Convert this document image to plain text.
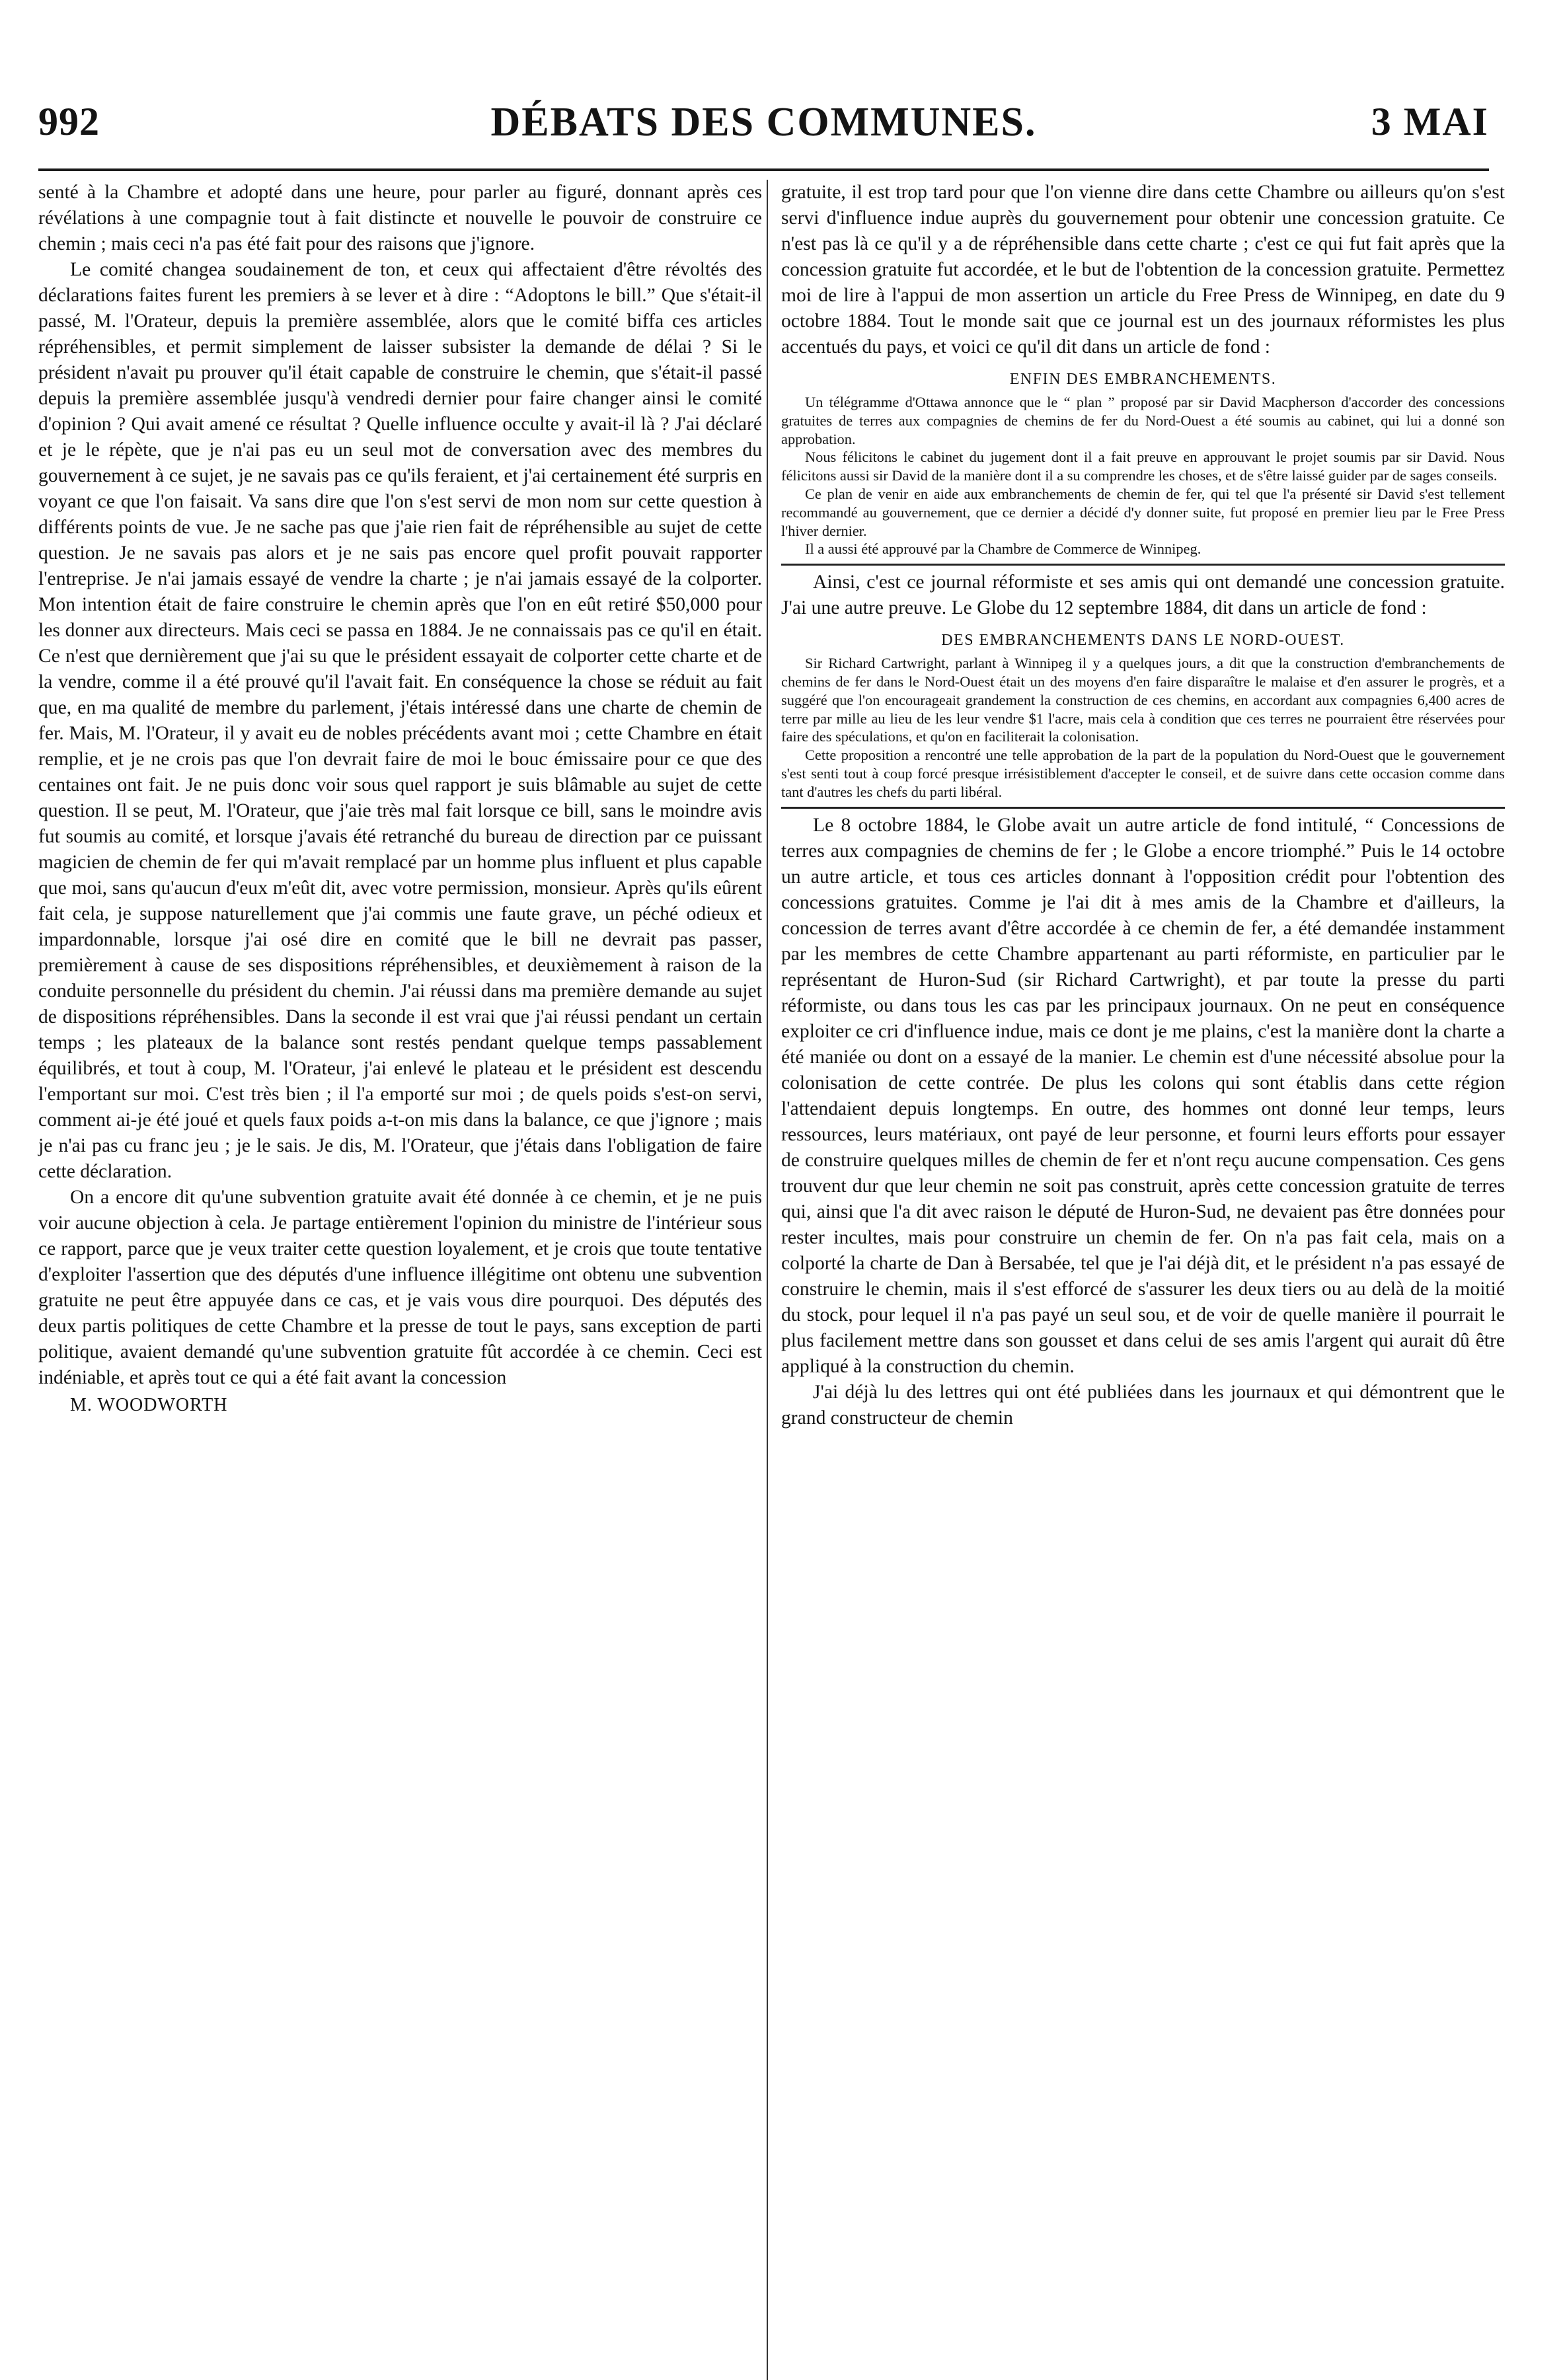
DÉBATS DES COMMUNES.
992	3 MAI

senté à la Chambre et adopté dans une heure, pour parler au figuré, donnant après ces révélations à une compagnie tout à fait distincte et nouvelle le pouvoir de construire ce chemin ; mais ceci n'a pas été fait pour des raisons que j'ignore.

Le comité changea soudainement de ton, et ceux qui affectaient d'être révoltés des déclarations faites furent les premiers à se lever et à dire : “Adoptons le bill.” Que s'était-il passé, M. l'Orateur, depuis la première assemblée, alors que le comité biffa ces articles répréhensibles, et permit simplement de laisser subsister la demande de délai ? Si le président n'avait pu prouver qu'il était capable de construire le chemin, que s'était-il passé depuis la première assemblée jusqu'à vendredi dernier pour faire changer ainsi le comité d'opinion ? Qui avait amené ce résultat ? Quelle influence occulte y avait-il là ? J'ai déclaré et je le répète, que je n'ai pas eu un seul mot de conversation avec des membres du gouvernement à ce sujet, je ne savais pas ce qu'ils feraient, et j'ai certainement été surpris en voyant ce que l'on faisait. Va sans dire que l'on s'est servi de mon nom sur cette question à différents points de vue. Je ne sache pas que j'aie rien fait de répréhensible au sujet de cette question. Je ne savais pas alors et je ne sais pas encore quel profit pouvait rapporter l'entreprise. Je n'ai jamais essayé de vendre la charte ; je n'ai jamais essayé de la colporter. Mon intention était de faire construire le chemin après que l'on en eût retiré $50,000 pour les donner aux directeurs. Mais ceci se passa en 1884. Je ne connaissais pas ce qu'il en était. Ce n'est que dernièrement que j'ai su que le président essayait de colporter cette charte et de la vendre, comme il a été prouvé qu'il l'avait fait. En conséquence la chose se réduit au fait que, en ma qualité de membre du parlement, j'étais intéressé dans une charte de chemin de fer. Mais, M. l'Orateur, il y avait eu de nobles précédents avant moi ; cette Chambre en était remplie, et je ne crois pas que l'on devrait faire de moi le bouc émissaire pour ce que des centaines ont fait. Je ne puis donc voir sous quel rapport je suis blâmable au sujet de cette question. Il se peut, M. l'Orateur, que j'aie très mal fait lorsque ce bill, sans le moindre avis fut soumis au comité, et lorsque j'avais été retranché du bureau de direction par ce puissant magicien de chemin de fer qui m'avait remplacé par un homme plus influent et plus capable que moi, sans qu'aucun d'eux m'eût dit, avec votre permission, monsieur. Après qu'ils eûrent fait cela, je suppose naturellement que j'ai commis une faute grave, un péché odieux et impardonnable, lorsque j'ai osé dire en comité que le bill ne devrait pas passer, premièrement à cause de ses dispositions répréhensibles, et deuxièmement à raison de la conduite personnelle du président du chemin. J'ai réussi dans ma première demande au sujet de dispositions répréhensibles. Dans la seconde il est vrai que j'ai réussi pendant un certain temps ; les plateaux de la balance sont restés pendant quelque temps passablement équilibrés, et tout à coup, M. l'Orateur, j'ai enlevé le plateau et le président est descendu l'emportant sur moi. C'est très bien ; il l'a emporté sur moi ; de quels poids s'est-on servi, comment ai-je été joué et quels faux poids a-t-on mis dans la balance, ce que j'ignore ; mais je n'ai pas cu franc jeu ; je le sais. Je dis, M. l'Orateur, que j'étais dans l'obligation de faire cette déclaration.

On a encore dit qu'une subvention gratuite avait été donnée à ce chemin, et je ne puis voir aucune objection à cela. Je partage entièrement l'opinion du ministre de l'intérieur sous ce rapport, parce que je veux traiter cette question loyalement, et je crois que toute tentative d'exploiter l'assertion que des députés d'une influence illégitime ont obtenu une subvention gratuite ne peut être appuyée dans ce cas, et je vais vous dire pourquoi. Des députés des deux partis politiques de cette Chambre et la presse de tout le pays, sans exception de parti politique, avaient demandé qu'une subvention gratuite fût accordée à ce chemin. Ceci est indéniable, et après tout ce qui a été fait avant la concession

M. WOODWORTH

gratuite, il est trop tard pour que l'on vienne dire dans cette Chambre ou ailleurs qu'on s'est servi d'influence indue auprès du gouvernement pour obtenir une concession gratuite. Ce n'est pas là ce qu'il y a de répréhensible dans cette charte ; c'est ce qui fut fait après que la concession gratuite fut accordée, et le but de l'obtention de la concession gratuite. Permettez moi de lire à l'appui de mon assertion un article du Free Press de Winnipeg, en date du 9 octobre 1884. Tout le monde sait que ce journal est un des journaux réformistes les plus accentués du pays, et voici ce qu'il dit dans un article de fond :

ENFIN DES EMBRANCHEMENTS.

Un télégramme d'Ottawa annonce que le “ plan ” proposé par sir David Macpherson d'accorder des concessions gratuites de terres aux compagnies de chemins de fer du Nord-Ouest a été soumis au cabinet, qui lui a donné son approbation.

Nous félicitons le cabinet du jugement dont il a fait preuve en approuvant le projet soumis par sir David. Nous félicitons aussi sir David de la manière dont il a su comprendre les choses, et de s'être laissé guider par de sages conseils.

Ce plan de venir en aide aux embranchements de chemin de fer, qui tel que l'a présenté sir David s'est tellement recommandé au gouvernement, que ce dernier a décidé d'y donner suite, fut proposé en premier lieu par le Free Press l'hiver dernier.

Il a aussi été approuvé par la Chambre de Commerce de Winnipeg.

Ainsi, c'est ce journal réformiste et ses amis qui ont demandé une concession gratuite. J'ai une autre preuve. Le Globe du 12 septembre 1884, dit dans un article de fond :

DES EMBRANCHEMENTS DANS LE NORD-OUEST.

Sir Richard Cartwright, parlant à Winnipeg il y a quelques jours, a dit que la construction d'embranchements de chemins de fer dans le Nord-Ouest était un des moyens d'en faire disparaître le malaise et d'en assurer le progrès, et a suggéré que l'on encourageait grandement la construction de ces chemins, en accordant aux compagnies 6,400 acres de terre par mille au lieu de les leur vendre $1 l'acre, mais cela à condition que ces terres ne pourraient être réservées pour faire des spéculations, et qu'on en faciliterait la colonisation.

Cette proposition a rencontré une telle approbation de la part de la population du Nord-Ouest que le gouvernement s'est senti tout à coup forcé presque irrésistiblement d'accepter le conseil, et de suivre dans cette occasion comme dans tant d'autres les chefs du parti libéral.

Le 8 octobre 1884, le Globe avait un autre article de fond intitulé, “ Concessions de terres aux compagnies de chemins de fer ; le Globe a encore triomphé.” Puis le 14 octobre un autre article, et tous ces articles donnant à l'opposition crédit pour l'obtention des concessions gratuites. Comme je l'ai dit à mes amis de la Chambre et d'ailleurs, la concession de terres avant d'être accordée à ce chemin de fer, a été demandée instamment par les membres de cette Chambre appartenant au parti réformiste, en particulier par le représentant de Huron-Sud (sir Richard Cartwright), et par toute la presse du parti réformiste, ou dans tous les cas par les principaux journaux. On ne peut en conséquence exploiter ce cri d'influence indue, mais ce dont je me plains, c'est la manière dont la charte a été maniée ou dont on a essayé de la manier. Le chemin est d'une nécessité absolue pour la colonisation de cette contrée. De plus les colons qui sont établis dans cette région l'attendaient depuis longtemps. En outre, des hommes ont donné leur temps, leurs ressources, leurs matériaux, ont payé de leur personne, et fourni leurs efforts pour essayer de construire quelques milles de chemin de fer et n'ont reçu aucune compensation. Ces gens trouvent dur que leur chemin ne soit pas construit, après cette concession gratuite de terres qui, ainsi que l'a dit avec raison le député de Huron-Sud, ne devaient pas être données pour rester incultes, mais pour construire un chemin de fer. On n'a pas fait cela, mais on a colporté la charte de Dan à Bersabée, tel que je l'ai déjà dit, et le président n'a pas essayé de construire le chemin, mais il s'est efforcé de s'assurer les deux tiers ou au delà de la moitié du stock, pour lequel il n'a pas payé un seul sou, et de voir de quelle manière il pourrait le plus facilement mettre dans son gousset et dans celui de ses amis l'argent qui aurait dû être appliqué à la construction du chemin.

J'ai déjà lu des lettres qui ont été publiées dans les journaux et qui démontrent que le grand constructeur de chemin
